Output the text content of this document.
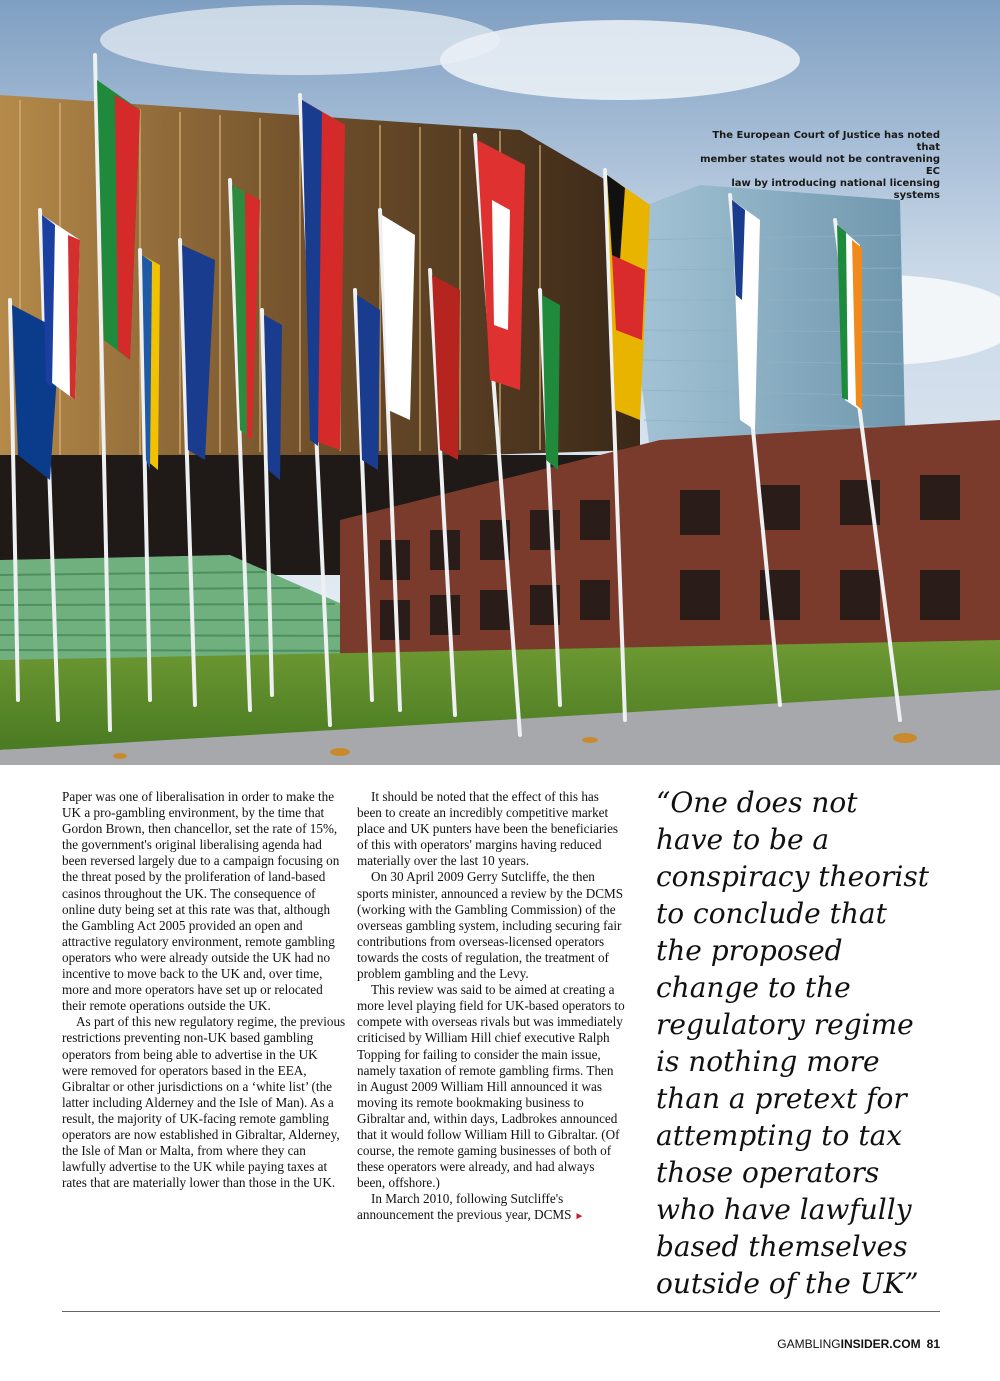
The European Court of Justice has noted that
member states would not be contravening EC
law by introducing national licensing systems

Paper was one of liberalisation in order to make the UK a pro-gambling environment, by the time that Gordon Brown, then chancellor, set the rate of 15%, the government's original liberalising agenda had been reversed largely due to a campaign focusing on the threat posed by the proliferation of land-based casinos throughout the UK. The consequence of online duty being set at this rate was that, although the Gambling Act 2005 provided an open and attractive regulatory environment, remote gambling operators who were already outside the UK had no incentive to move back to the UK and, over time, more and more operators have set up or relocated their remote operations outside the UK.

As part of this new regulatory regime, the previous restrictions preventing non-UK based gambling operators from being able to advertise in the UK were removed for operators based in the EEA, Gibraltar or other jurisdictions on a ‘white list’ (the latter including Alderney and the Isle of Man). As a result, the majority of UK-facing remote gambling operators are now established in Gibraltar, Alderney, the Isle of Man or Malta, from where they can lawfully advertise to the UK while paying taxes at rates that are materially lower than those in the UK.

It should be noted that the effect of this has been to create an incredibly competitive market place and UK punters have been the beneficiaries of this with operators' margins having reduced materially over the last 10 years.

On 30 April 2009 Gerry Sutcliffe, the then sports minister, announced a review by the DCMS (working with the Gambling Commission) of the overseas gambling system, including securing fair contributions from overseas-licensed operators towards the costs of regulation, the treatment of problem gambling and the Levy.

This review was said to be aimed at creating a more level playing field for UK-based operators to compete with overseas rivals but was immediately criticised by William Hill chief executive Ralph Topping for failing to consider the main issue, namely taxation of remote gambling firms. Then in August 2009 William Hill announced it was moving its remote bookmaking business to Gibraltar and, within days, Ladbrokes announced that it would follow William Hill to Gibraltar. (Of course, the remote gaming businesses of both of these operators were already, and had always been, offshore.)

In March 2010, following Sutcliffe's announcement the previous year, DCMS ►

“One does not
have to be a
conspiracy theorist
to conclude that
the proposed
change to the
regulatory regime
is nothing more
than a pretext for
attempting to tax
those operators
who have lawfully
based themselves
outside of the UK”
GAMBLINGINSIDER.COM 81
